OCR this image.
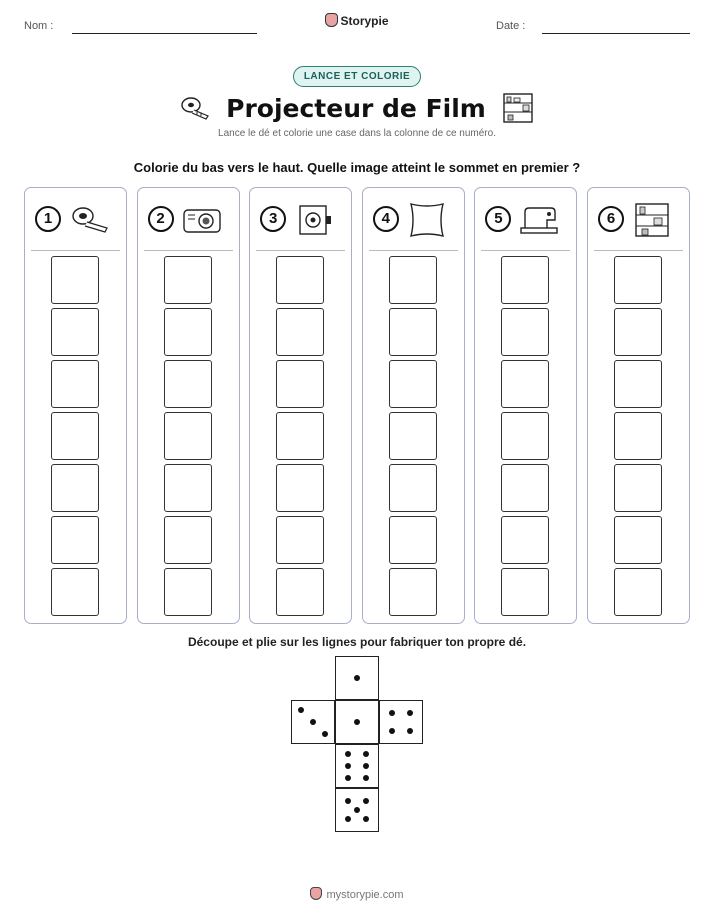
Nom :	Storypie	Date :
LANCE ET COLORIE
Projecteur de Film
Lance le dé et colorie une case dans la colonne de ce numéro.
Colorie du bas vers le haut. Quelle image atteint le sommet en premier ?
1	2	3	4	5	6
Découpe et plie sur les lignes pour fabriquer ton propre dé.
mystorypie.com
